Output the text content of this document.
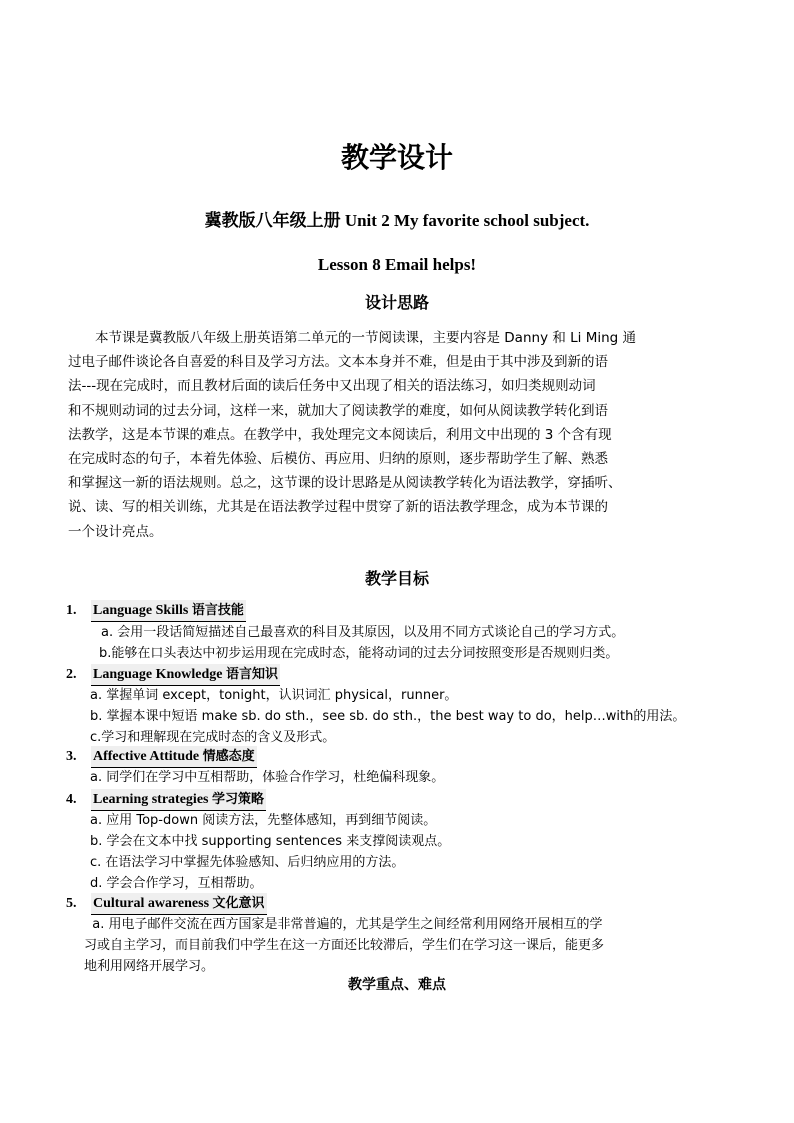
教学设计
冀教版八年级上册 Unit 2 My favorite school subject.
Lesson 8 Email helps!
设计思路
本节课是冀教版八年级上册英语第二单元的一节阅读课，主要内容是 Danny 和 Li Ming 通
过电子邮件谈论各自喜爱的科目及学习方法。文本本身并不难，但是由于其中涉及到新的语
法---现在完成时，而且教材后面的读后任务中又出现了相关的语法练习，如归类规则动词
和不规则动词的过去分词，这样一来，就加大了阅读教学的难度，如何从阅读教学转化到语
法教学，这是本节课的难点。在教学中，我处理完文本阅读后，利用文中出现的 3 个含有现
在完成时态的句子，本着先体验、后模仿、再应用、归纳的原则，逐步帮助学生了解、熟悉
和掌握这一新的语法规则。总之，这节课的设计思路是从阅读教学转化为语法教学，穿插听、
说、读、写的相关训练，尤其是在语法教学过程中贯穿了新的语法教学理念，成为本节课的
一个设计亮点。
教学目标
1. Language Skills 语言技能
a. 会用一段话简短描述自己最喜欢的科目及其原因，以及用不同方式谈论自己的学习方式。
b.能够在口头表达中初步运用现在完成时态，能将动词的过去分词按照变形是否规则归类。
2. Language Knowledge 语言知识
a. 掌握单词 except，tonight，认识词汇 physical，runner。
b. 掌握本课中短语 make sb. do sth.，see sb. do sth.，the best way to do，help…with的用法。
c.学习和理解现在完成时态的含义及形式。
3. Affective Attitude 情感态度
a. 同学们在学习中互相帮助，体验合作学习，杜绝偏科现象。
4. Learning strategies 学习策略
a. 应用 Top-down 阅读方法，先整体感知，再到细节阅读。
b. 学会在文本中找 supporting sentences 来支撑阅读观点。
c. 在语法学习中掌握先体验感知、后归纳应用的方法。
d. 学会合作学习，互相帮助。
5. Cultural awareness 文化意识
a. 用电子邮件交流在西方国家是非常普遍的，尤其是学生之间经常利用网络开展相互的学
习或自主学习，而目前我们中学生在这一方面还比较滞后，学生们在学习这一课后，能更多
地利用网络开展学习。
教学重点、难点
